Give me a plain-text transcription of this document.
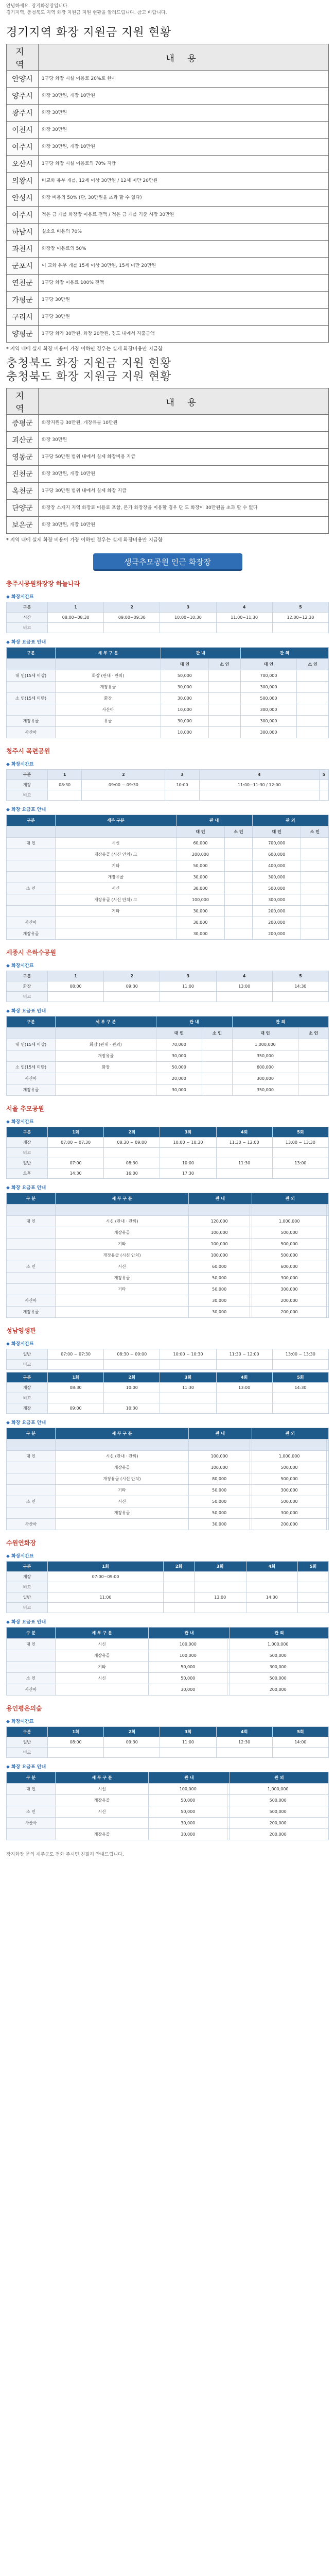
안녕하세요. 장지화장장입니다.
경기지역, 충청북도 지역 화장 지원금 지원 현황을 알려드립니다. 참고 바랍니다.
경기지역 화장 지원금 지원 현황
지 역	내 용
안양시	1구당 화장 시설 이용료 20%로 한시
양주시	화장 30만원, 개장 10만원
광주시	화장 30만원
이천시	화장 30만원
여주시	화장 30만원, 개장 10만원
오산시	1구당 화장 시설 이용료의 70% 지급
의왕시	비교화 유무 개를, 12세 이상 30만원 / 12세 미만 20만원
안성시	화장 비용의 50% (단, 30만원을 초과 할 수 없다)
여주시	적은 금 개를 화장장 이용료 전액 / 적은 금 개를 기준 시장 30만원
하남시	실소요 비용의 70%
과천시	화장장 이용료의 50%
군포시	이 교화 유무 개를 15세 이상 30만원, 15세 미만 20만원
연천군	1구당 화장 이용료 100% 전액
가평군	1구당 30만원
구리시	1구당 30만원
양평군	1구당 화가 30만원, 화장 20만원, 정도 내에서 지출금액
* 지역 내에 실제 화장 비용이 가장 이하인 경우는 실제 화장비용만 지급함
충청북도 화장 지원금 지원 현황
충청북도 화장 지원금 지원 현황
지 역	내 용
증평군	화장지원금 30만원, 개장유골 10만원
괴산군	화장 30만원
영동군	1구당 50만원 범위 내에서 실제 화장비용 지급
진천군	화장 30만원, 개장 10만원
옥천군	1구당 30만원 범위 내에서 실제 화장 지급
단양군	화장장 소재지 지역 화장료 이용료 포함, 본가 화장장을 이용할 경우 단 도 화장이 30만원을 초과 할 수 없다
보은군	화장 30만원, 개장 10만원
* 지역 내에 실제 화장 비용이 가장 이하인 경우는 실제 화장비용만 지급함
생극추모공원 인근 화장장
충주시공원화장장 하늘나라
◆ 화장시간표
구분	1	2	3	4	5
시간	08:00~08:30	09:00~09:30	10:00~10:30	11:00~11:30	12:00~12:30
비고					
◆ 화장 요금표 안내
구분	세 부 구 분	관 내		관 외	
		대 인	소 인	대 인	소 인
대 인(15세 이상)	화장 (관내 · 관외)	50,000		700,000	
	개장유골	30,000		300,000	
소 인(15세 미만)	화장	30,000		500,000	
	사산아	10,000		300,000	
개장유골	유골	30,000		300,000	
사산아		10,000		300,000	
청주시 목련공원
◆ 화장시간표
구분	1	2	3	4	5
개장	08:30	09:00 ~ 09:30	10:00	11:00~11:30 / 12:00	
비고					
◆ 화장 요금표 안내
구분	세부 구분	관 내		관 외	
		대 인	소 인	대 인	소 인
대 인	시신	60,000		700,000	
	개장유골 (시신 안치) 고	200,000		600,000	
	기타	50,000		400,000	
	개장유골	30,000		300,000	
소 인	시신	30,000		500,000	
	개장유골 (시신 안치) 고	100,000		300,000	
	기타	30,000		200,000	
사산아		30,000		200,000	
개장유골		30,000		200,000	
세종시 은하수공원
◆ 화장시간표
구분	1	2	3	4	5
화장	08:00	09:30	11:00	13:00	14:30
비고					
◆ 화장 요금표 안내
구분	세 부 구 분	관 내		관 외	
		대 인	소 인	대 인	소 인
대 인(15세 이상)	화장 (관내 · 관외)	70,000		1,000,000	
	개장유골	30,000		350,000	
소 인(15세 미만)	화장	50,000		600,000	
사산아		20,000		300,000	
개장유골		30,000		350,000	
서울 추모공원
◆ 화장시간표
구분	1회	2회	3회	4회	5회
개장	07:00 ~ 07:30	08:30 ~ 09:00	10:00 ~ 10:30	11:30 ~ 12:00	13:00 ~ 13:30
비고					
일반	07:00	08:30	10:00	11:30	13:00
오후	14:30	16:00	17:30		
◆ 화장 요금표 안내
구 분	세 부 구 분	관 내		관 외	

대 인	시신 (관내 · 관외)	120,000		1,000,000	
	개장유골	100,000		500,000	
	기타	100,000		500,000	
	개장유골 (시신 안치)	100,000		500,000	
소 인	시신	60,000		600,000	
	개장유골	50,000		300,000	
	기타	50,000		300,000	
사산아		30,000		200,000	
개장유골		30,000		200,000	
성남영생관
◆ 화장시간표
일반	07:00 ~ 07:30	08:30 ~ 09:00	10:00 ~ 10:30	11:30 ~ 12:00	13:00 ~ 13:30
비고					
구분	1회	2회	3회	4회	5회
개장	08:30	10:00	11:30	13:00	14:30
비고					
개장	09:00	10:30			
◆ 화장 요금표 안내
구 분	세 부 구 분	관 내		관 외	

대 인	시신 (관내 · 관외)	100,000		1,000,000	
	개장유골	100,000		500,000	
	개장유골 (시신 안치)	80,000		500,000	
	기타	50,000		300,000	
소 인	시신	50,000		500,000	
	개장유골	50,000		300,000	
사산아		30,000		200,000	
수원연화장
◆ 화장시간표
구분	1회	2회	3회	4회	5회
개장	07:00~09:00				
비고					
일반	11:00		13:00	14:30	
비고					
◆ 화장 요금표 안내
구 분	세 부 구 분	관 내		관 외	
대 인	시신	100,000		1,000,000	
	개장유골	100,000		500,000	
	기타	50,000		300,000	
소 인	시신	50,000		500,000	
사산아		30,000		200,000	
용인평온의숲
◆ 화장시간표
구분	1회	2회	3회	4회	5회
일반	08:00	09:30	11:00	12:30	14:00
비고					
◆ 화장 요금표 안내
구 분	세 부 구 분	관 내		관 외	
대 인	시신	100,000		1,000,000	
	개장유골	50,000		500,000	
소 인	시신	50,000		500,000	
사산아		30,000		200,000	
	개장유골	30,000		200,000	
장지화장 문의 제주공도 전화 주시면 친절히 안내드립니다.
